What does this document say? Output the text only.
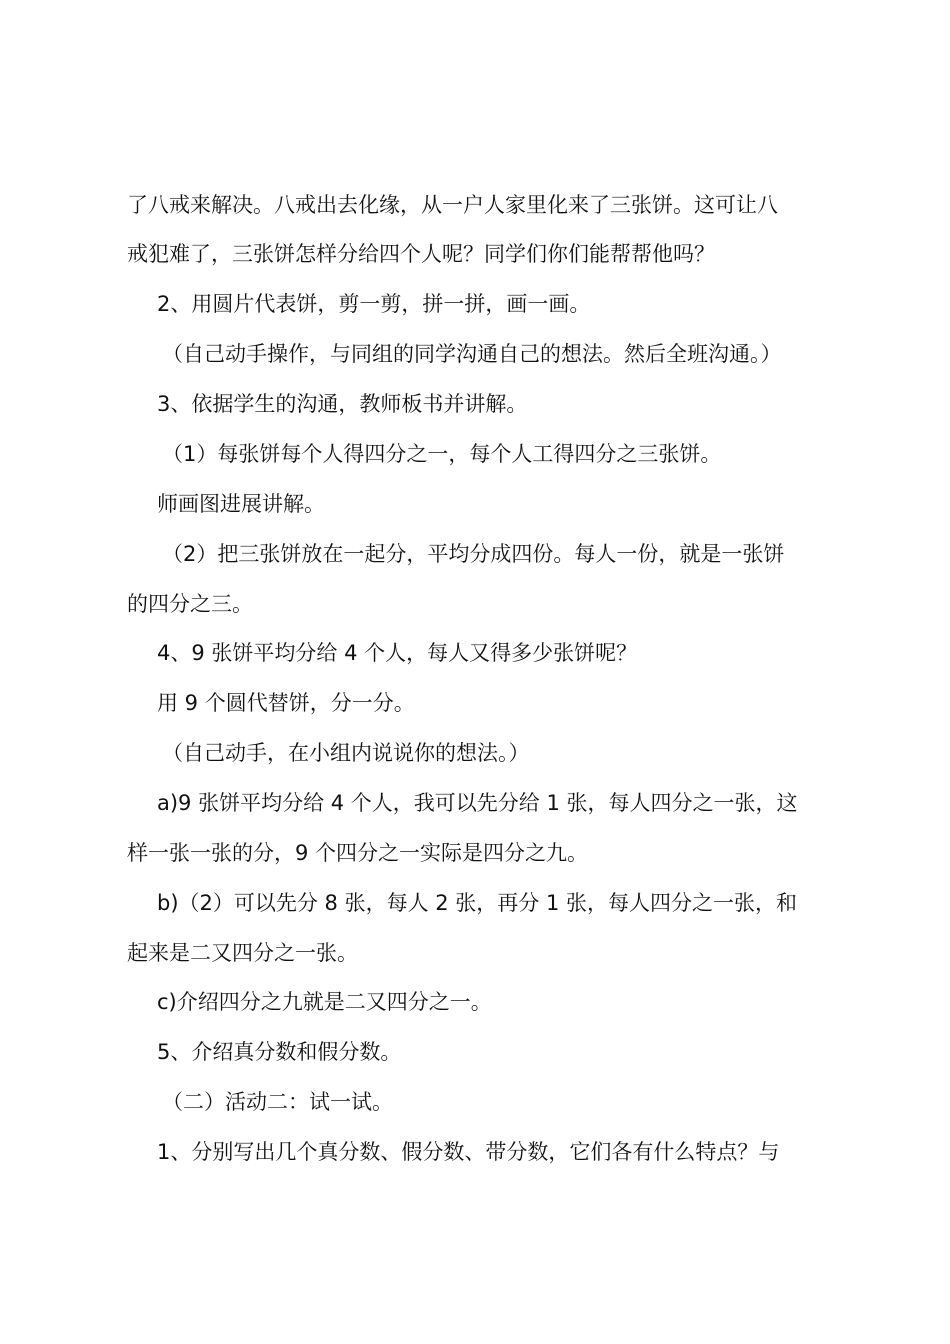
了八戒来解决。八戒出去化缘，从一户人家里化来了三张饼。这可让八
戒犯难了，三张饼怎样分给四个人呢？同学们你们能帮帮他吗？
2、用圆片代表饼，剪一剪，拼一拼，画一画。
（自己动手操作，与同组的同学沟通自己的想法。然后全班沟通。）
3、依据学生的沟通，教师板书并讲解。
（1）每张饼每个人得四分之一，每个人工得四分之三张饼。
师画图进展讲解。
（2）把三张饼放在一起分，平均分成四份。每人一份，就是一张饼
的四分之三。
4、9 张饼平均分给 4 个人，每人又得多少张饼呢？
用 9 个圆代替饼，分一分。
（自己动手，在小组内说说你的想法。）
a)9 张饼平均分给 4 个人，我可以先分给 1 张，每人四分之一张，这
样一张一张的分，9 个四分之一实际是四分之九。
b)（2）可以先分 8 张，每人 2 张，再分 1 张，每人四分之一张，和
起来是二又四分之一张。
c)介绍四分之九就是二又四分之一。
5、介绍真分数和假分数。
（二）活动二：试一试。
1、分别写出几个真分数、假分数、带分数，它们各有什么特点？与
